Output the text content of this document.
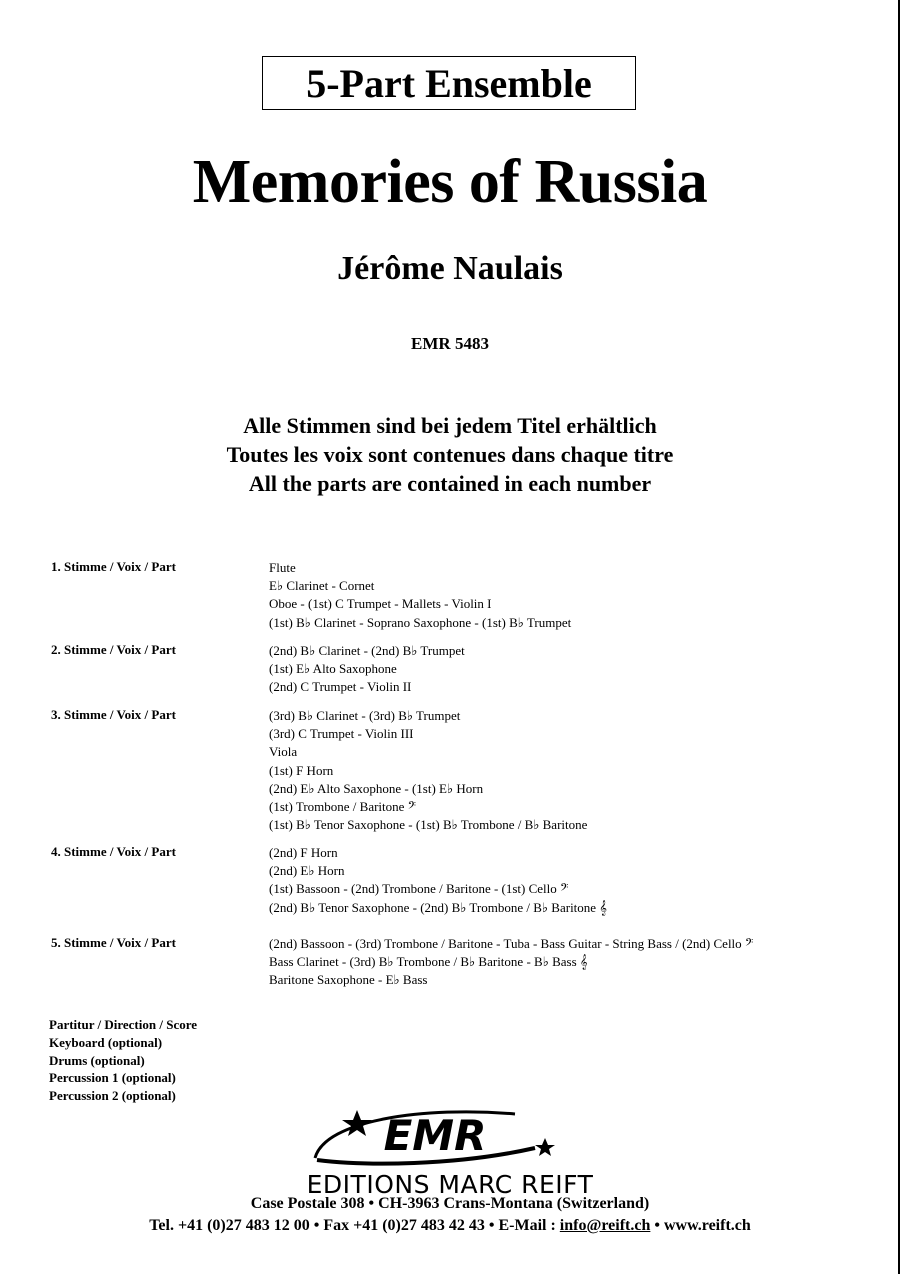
5-Part Ensemble
Memories of Russia
Jérôme Naulais
EMR 5483
Alle Stimmen sind bei jedem Titel erhältlich
Toutes les voix sont contenues dans chaque titre
All the parts are contained in each number
1. Stimme / Voix / Part	Flute
E♭ Clarinet - Cornet
Oboe - (1st) C Trumpet - Mallets - Violin I
(1st) B♭ Clarinet - Soprano Saxophone - (1st) B♭ Trumpet
2. Stimme / Voix / Part	(2nd) B♭ Clarinet - (2nd) B♭ Trumpet
(1st) E♭ Alto Saxophone
(2nd) C Trumpet - Violin II
3. Stimme / Voix / Part	(3rd) B♭ Clarinet - (3rd) B♭ Trumpet
(3rd) C Trumpet - Violin III
Viola
(1st) F Horn
(2nd) E♭ Alto Saxophone - (1st) E♭ Horn
(1st) Trombone / Baritone 𝄢
(1st) B♭ Tenor Saxophone - (1st) B♭ Trombone / B♭ Baritone
4. Stimme / Voix / Part	(2nd) F Horn
(2nd) E♭ Horn
(1st) Bassoon - (2nd) Trombone / Baritone - (1st) Cello 𝄢
(2nd) B♭ Tenor Saxophone - (2nd) B♭ Trombone / B♭ Baritone 𝄞
5. Stimme / Voix / Part	(2nd) Bassoon - (3rd) Trombone / Baritone - Tuba - Bass Guitar - String Bass / (2nd) Cello 𝄢
Bass Clarinet - (3rd) B♭ Trombone / B♭ Baritone - B♭ Bass 𝄞
Baritone Saxophone - E♭ Bass
Partitur / Direction / Score
Keyboard (optional)
Drums (optional)
Percussion 1 (optional)
Percussion 2 (optional)
EMR
EDITIONS MARC REIFT
Case Postale 308 • CH-3963 Crans-Montana (Switzerland)
Tel. +41 (0)27 483 12 00 • Fax +41 (0)27 483 42 43 • E-Mail : info@reift.ch • www.reift.ch
